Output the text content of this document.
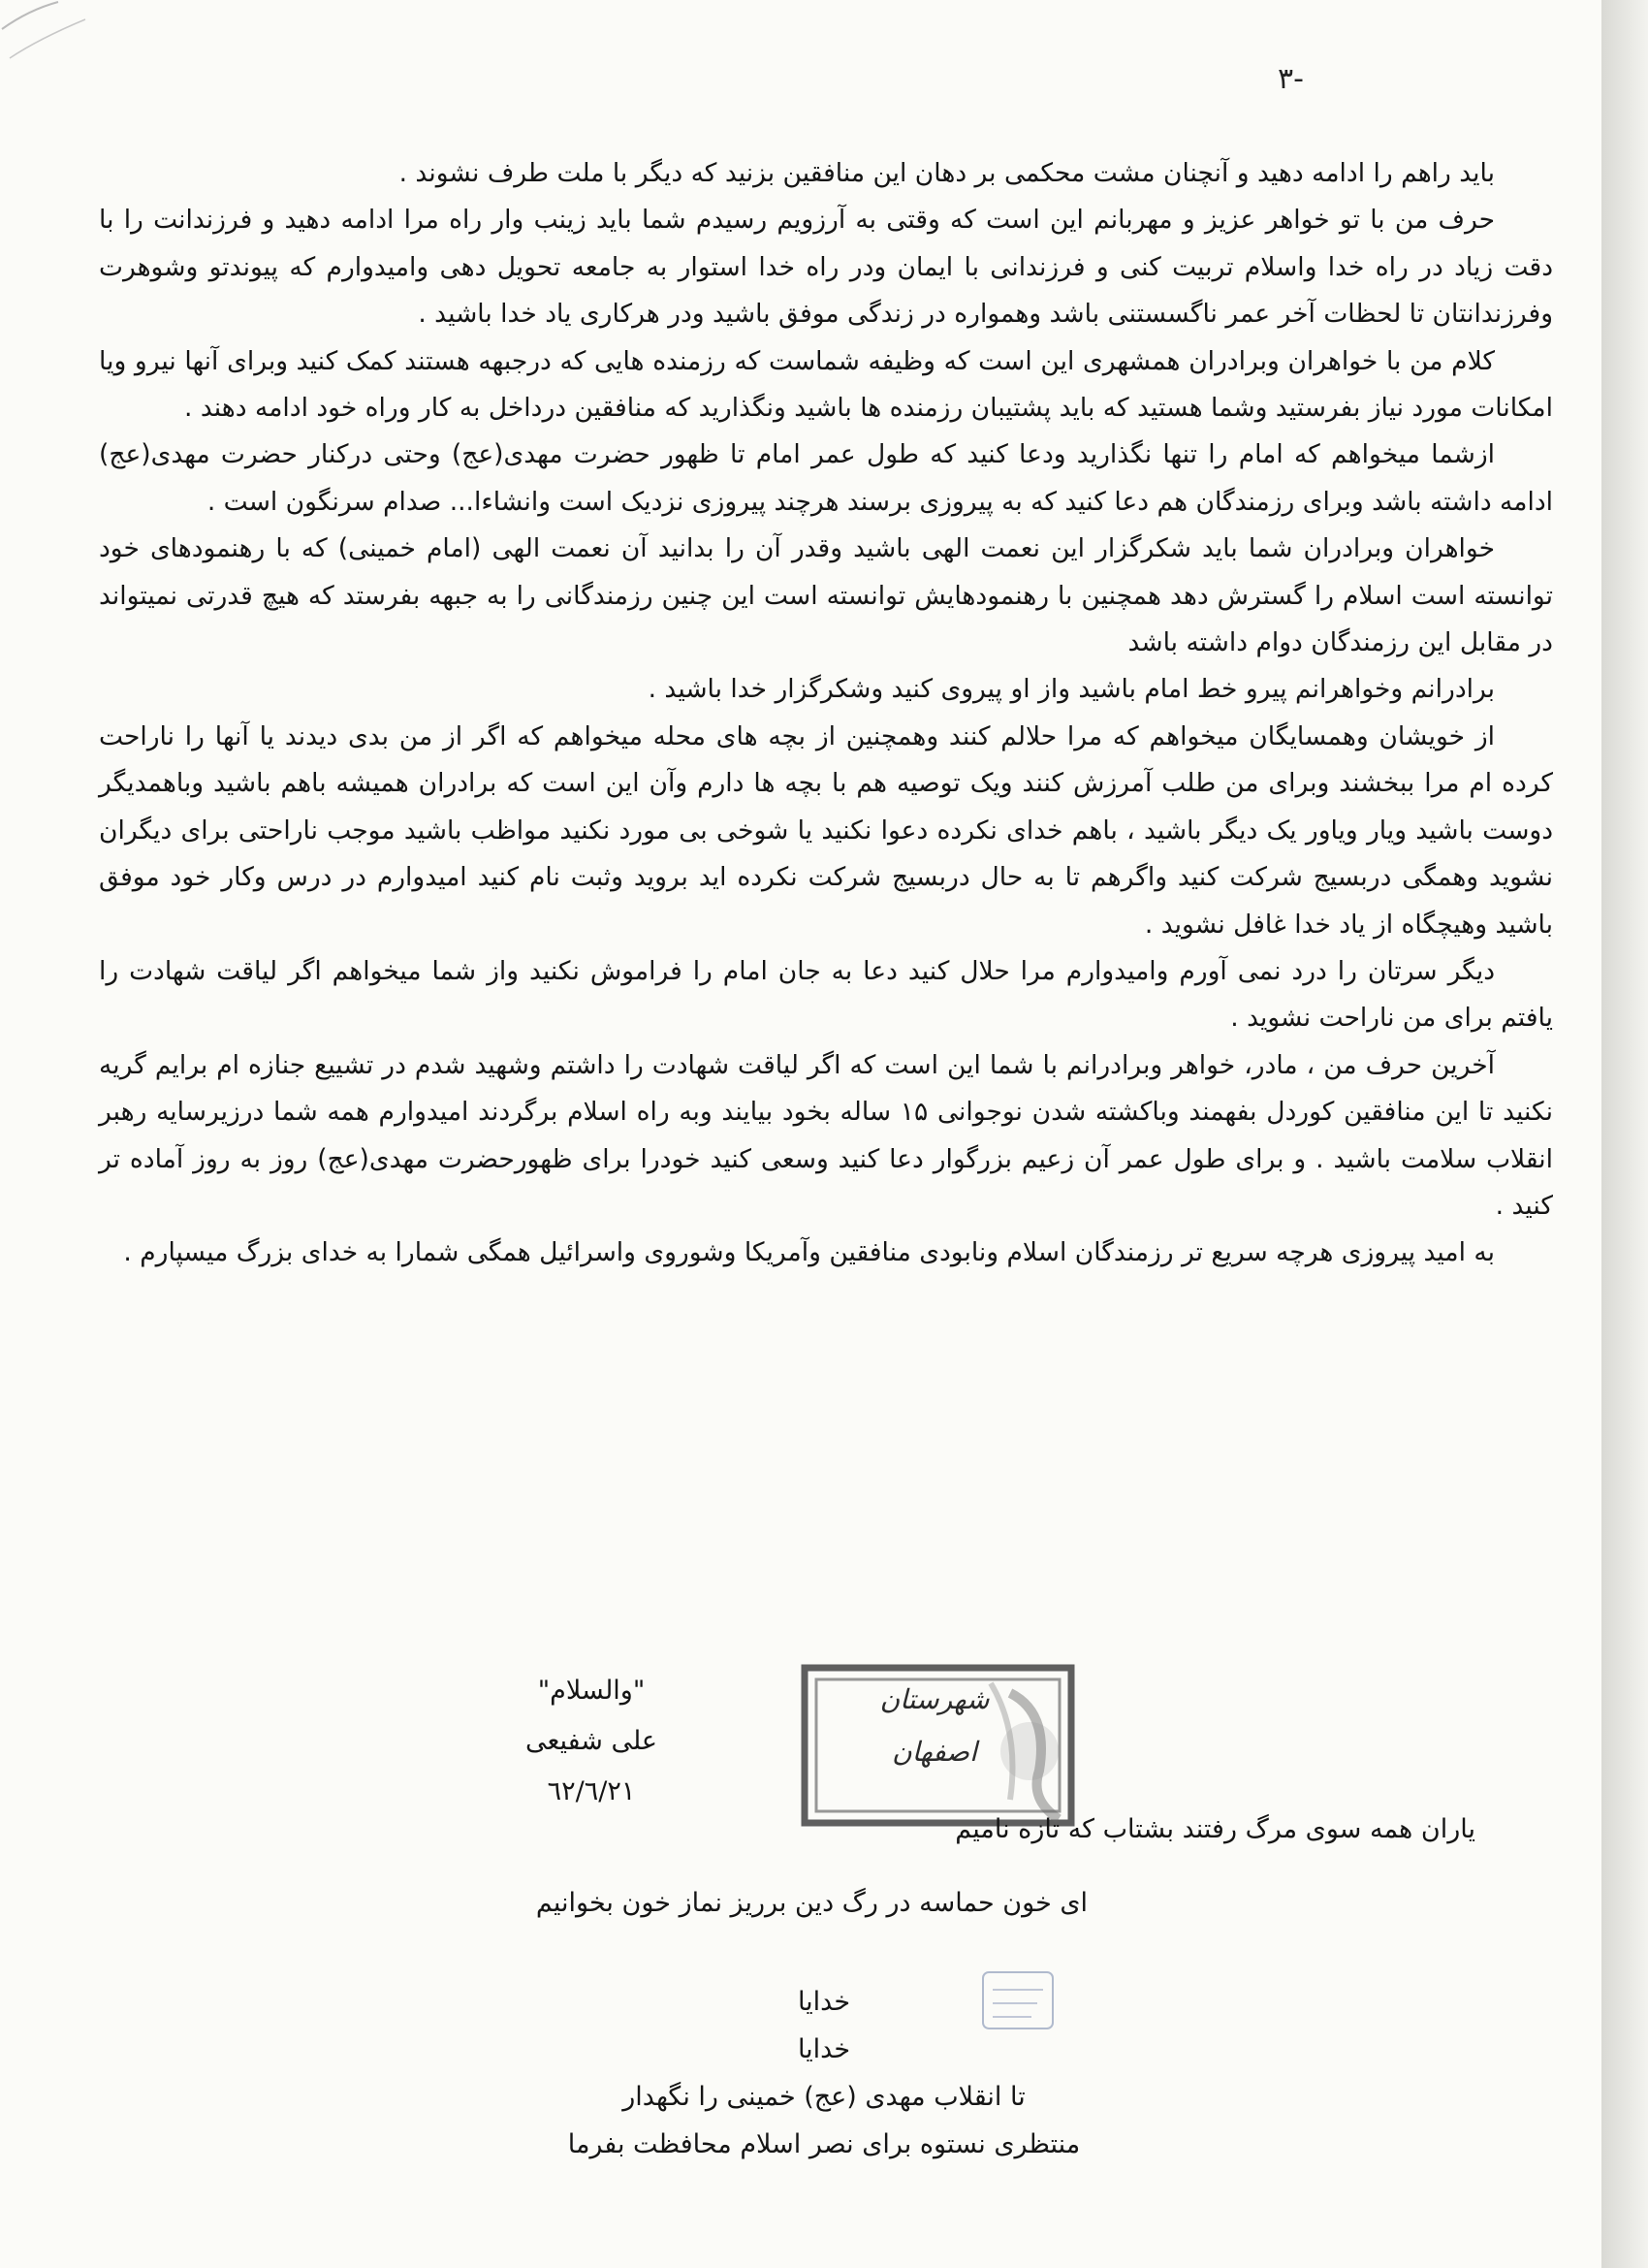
-٣

باید راهم را ادامه دهید و آنچنان مشت محکمی بر دهان این منافقین بزنید که دیگر با ملت طرف نشوند .

حرف من با تو خواهر عزیز و مهربانم این است که وقتی به آرزویم رسیدم شما باید زینب وار راه مرا ادامه دهید و فرزندانت را با دقت زیاد در راه خدا واسلام تربیت کنی و فرزندانی با ایمان ودر راه خدا استوار به جامعه تحویل دهی وامیدوارم که پیوندتو وشوهرت وفرزندانتان تا لحظات آخر عمر ناگسستنی باشد وهمواره در زندگی موفق باشید ودر هرکاری یاد خدا باشید .

کلام من با خواهران وبرادران همشهری این است که وظیفه شماست که رزمنده هایی که درجبهه هستند کمک کنید وبرای آنها نیرو ویا امکانات مورد نیاز بفرستید وشما هستید که باید پشتیبان رزمنده ها باشید ونگذارید که منافقین درداخل به کار وراه خود ادامه دهند .

ازشما میخواهم که امام را تنها نگذارید ودعا کنید که طول عمر امام تا ظهور حضرت مهدی(عج) وحتی درکنار حضرت مهدی(عج) ادامه داشته باشد وبرای رزمندگان هم دعا کنید که به پیروزی برسند هرچند پیروزی نزدیک است وانشاءا... صدام سرنگون است .

خواهران وبرادران شما باید شکرگزار این نعمت الهی باشید وقدر آن را بدانید آن نعمت الهی (امام خمینی) که با رهنمودهای خود توانسته است اسلام را گسترش دهد همچنین با رهنمودهایش توانسته است این چنین رزمندگانی را به جبهه بفرستد که هیچ قدرتی نمیتواند در مقابل این رزمندگان دوام داشته باشد

برادرانم وخواهرانم پیرو خط امام باشید واز او پیروی کنید وشکرگزار خدا باشید .

از خویشان وهمسایگان میخواهم که مرا حلالم کنند وهمچنین از بچه های محله میخواهم که اگر از من بدی دیدند یا آنها را ناراحت کرده ام مرا ببخشند وبرای من طلب آمرزش کنند ویک توصیه هم با بچه ها دارم وآن این است که برادران همیشه باهم باشید وباهمدیگر دوست باشید ویار ویاور یک دیگر باشید ، باهم خدای نکرده دعوا نکنید یا شوخی بی مورد نکنید مواظب باشید موجب ناراحتی برای دیگران نشوید وهمگی دربسیج شرکت کنید واگرهم تا به حال دربسیج شرکت نکرده اید بروید وثبت نام کنید امیدوارم در درس وکار خود موفق باشید وهیچگاه از یاد خدا غافل نشوید .

دیگر سرتان را درد نمی آورم وامیدوارم مرا حلال کنید دعا به جان امام را فراموش نکنید واز شما میخواهم اگر لیاقت شهادت را یافتم برای من ناراحت نشوید .

آخرین حرف من ، مادر، خواهر وبرادرانم با شما این است که اگر لیاقت شهادت را داشتم وشهید شدم در تشییع جنازه ام برایم گریه نکنید تا این منافقین کوردل بفهمند وباکشته شدن نوجوانی ١۵ ساله بخود بیایند وبه راه اسلام برگردند امیدوارم همه شما درزیرسایه رهبر انقلاب سلامت باشید . و برای طول عمر آن زعیم بزرگوار دعا کنید وسعی کنید خودرا برای ظهورحضرت مهدی(عج) روز به روز آماده تر کنید .

به امید پیروزی هرچه سریع تر رزمندگان اسلام ونابودی منافقین وآمریکا وشوروی واسرائیل همگی شمارا به خدای بزرگ میسپارم .

"والسلام"
علی شفیعی
٦٢/٦/٢١
شهرستان
اصفهان
یاران همه سوی مرگ رفتند بشتاب که تازه نامیم
ای خون حماسه در رگ دین برریز نماز خون بخوانیم
خدایا
خدایا
تا انقلاب مهدی (عج) خمینی را نگهدار
منتظری نستوه برای نصر اسلام محافظت بفرما
